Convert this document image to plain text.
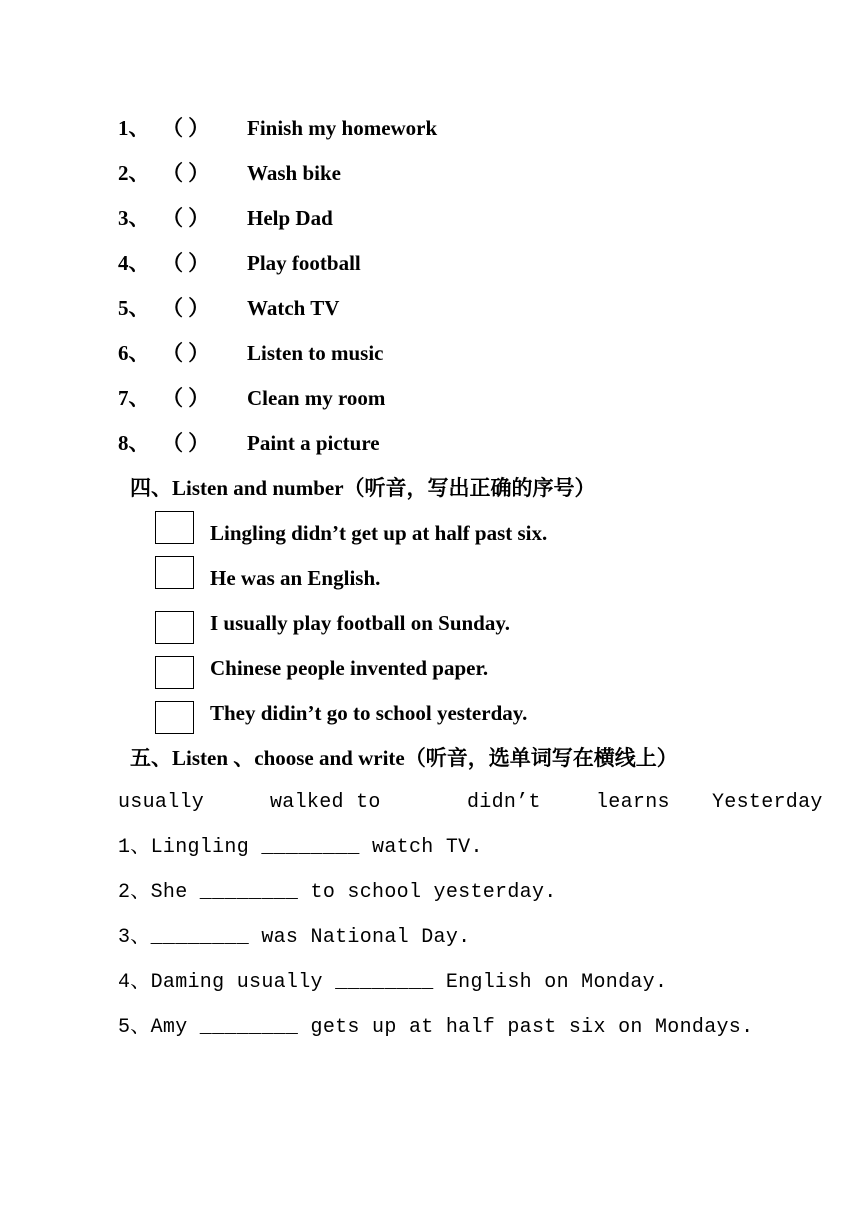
1、 （ ） Finish my homework
2、 （ ） Wash bike
3、 （ ） Help Dad
4、 （ ） Play football
5、 （ ） Watch TV
6、 （ ） Listen to music
7、 （ ） Clean my room
8、 （ ） Paint a picture
四、Listen and number（听音，写出正确的序号）
Lingling didn’t get up at half past six.
He was an English.
I usually play football on Sunday.
Chinese people invented paper.
They didin’t go to school yesterday.
五、Listen 、choose and write（听音，选单词写在横线上）
usually	walked to	didn’t	learns Yesterday
1、Lingling ________ watch TV.
2、She ________ to school yesterday.
3、________ was National Day.
4、Daming usually ________ English on Monday.
5、Amy ________ gets up at half past six on Mondays.
